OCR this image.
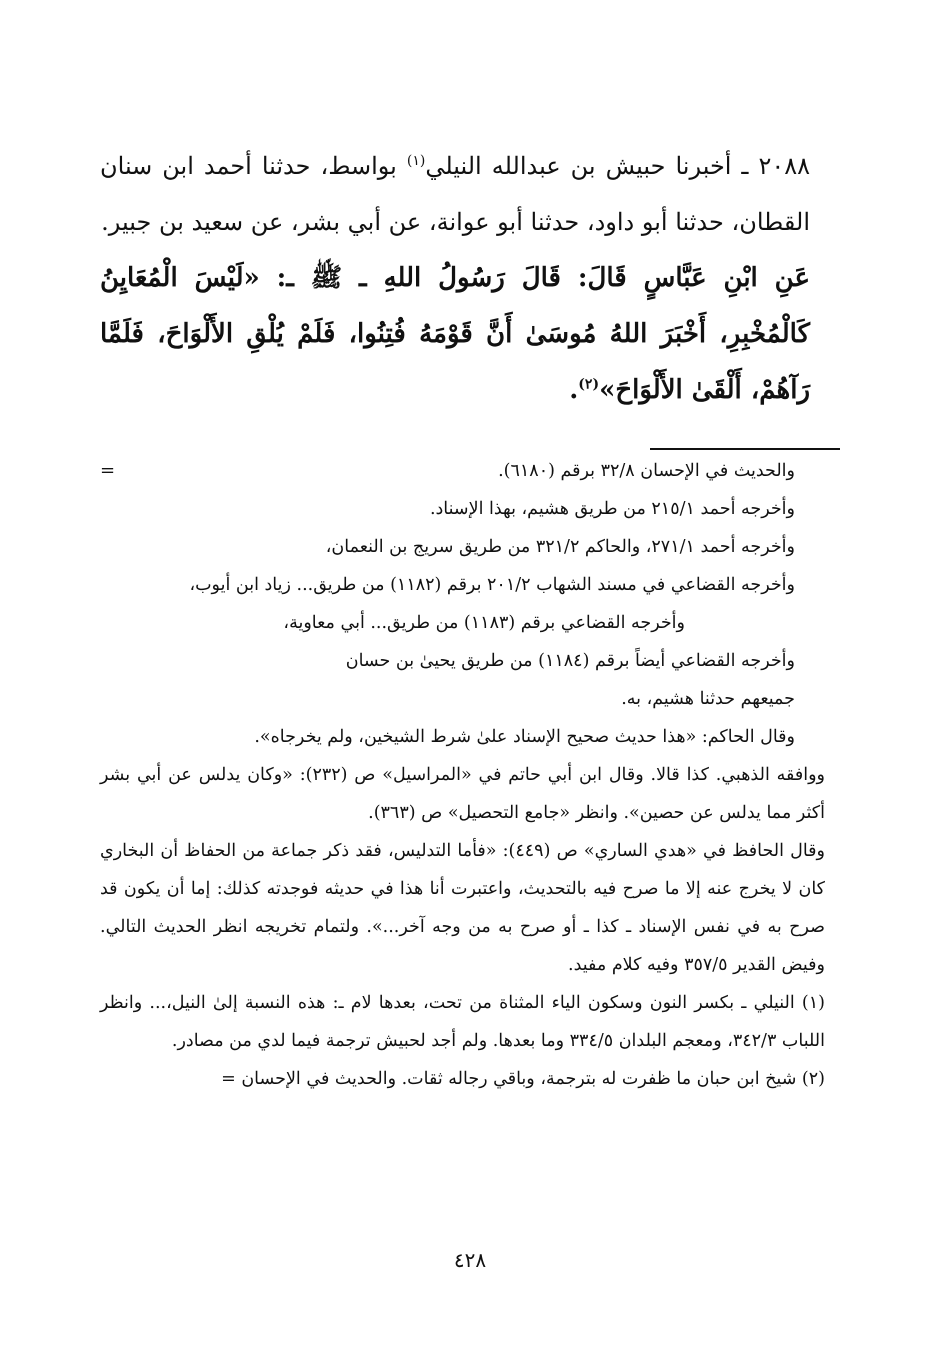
٢٠٨٨ ـ أخبرنا حبيش بن عبدالله النيلي$^{(١)}$ بواسط، حدثنا أحمد ابن سنان القطان، حدثنا أبو داود، حدثنا أبو عوانة، عن أبي بشر، عن سعيد بن جبير.

عَنِ ابْنِ عَبَّاسٍ قَالَ: قَالَ رَسُولُ اللهِ ـ ﷺ ـ: «لَيْسَ الْمُعَايِنُ كَالْمُخْبِرِ، أَخْبَرَ اللهُ مُوسَىٰ أَنَّ قَوْمَهُ فُتِنُوا، فَلَمْ يُلْقِ الأَلْوَاحَ، فَلَمَّا رَآهُمْ، أَلْقَىٰ الأَلْوَاحَ»$^{(٢)}$.

=	والحديث في الإحسان ٣٢/٨ برقم (٦١٨٠).

وأخرجه أحمد ٢١٥/١ من طريق هشيم، بهذا الإسناد.

وأخرجه أحمد ٢٧١/١، والحاكم ٣٢١/٢ من طريق سريج بن النعمان،

وأخرجه القضاعي في مسند الشهاب ٢٠١/٢ برقم (١١٨٢) من طريق... زياد ابن أيوب،

وأخرجه القضاعي برقم (١١٨٣) من طريق... أبي معاوية،

وأخرجه القضاعي أيضاً برقم (١١٨٤) من طريق يحيىٰ بن حسان

جميعهم حدثنا هشيم، به.

وقال الحاكم: «هذا حديث صحيح الإسناد علىٰ شرط الشيخين، ولم يخرجاه».

ووافقه الذهبي. كذا قالا. وقال ابن أبي حاتم في «المراسيل» ص (٢٣٢): «وكان يدلس عن أبي بشر أكثر مما يدلس عن حصين». وانظر «جامع التحصيل» ص (٣٦٣).

وقال الحافظ في «هدي الساري» ص (٤٤٩): «فأما التدليس، فقد ذكر جماعة من الحفاظ أن البخاري كان لا يخرج عنه إلا ما صرح فيه بالتحديث، واعتبرت أنا هذا في حديثه فوجدته كذلك: إما أن يكون قد صرح به في نفس الإسناد ـ كذا ـ أو صرح به من وجه آخر...». ولتمام تخريجه انظر الحديث التالي. وفيض القدير ٣٥٧/٥ وفيه كلام مفيد.

(١) النيلي ـ بكسر النون وسكون الياء المثناة من تحت، بعدها لام ـ: هذه النسبة إلىٰ النيل،... وانظر اللباب ٣٤٢/٣، ومعجم البلدان ٣٣٤/٥ وما بعدها. ولم أجد لحبيش ترجمة فيما لدي من مصادر.

(٢) شيخ ابن حبان ما ظفرت له بترجمة، وباقي رجاله ثقات. والحديث في الإحسان =

٤٢٨
